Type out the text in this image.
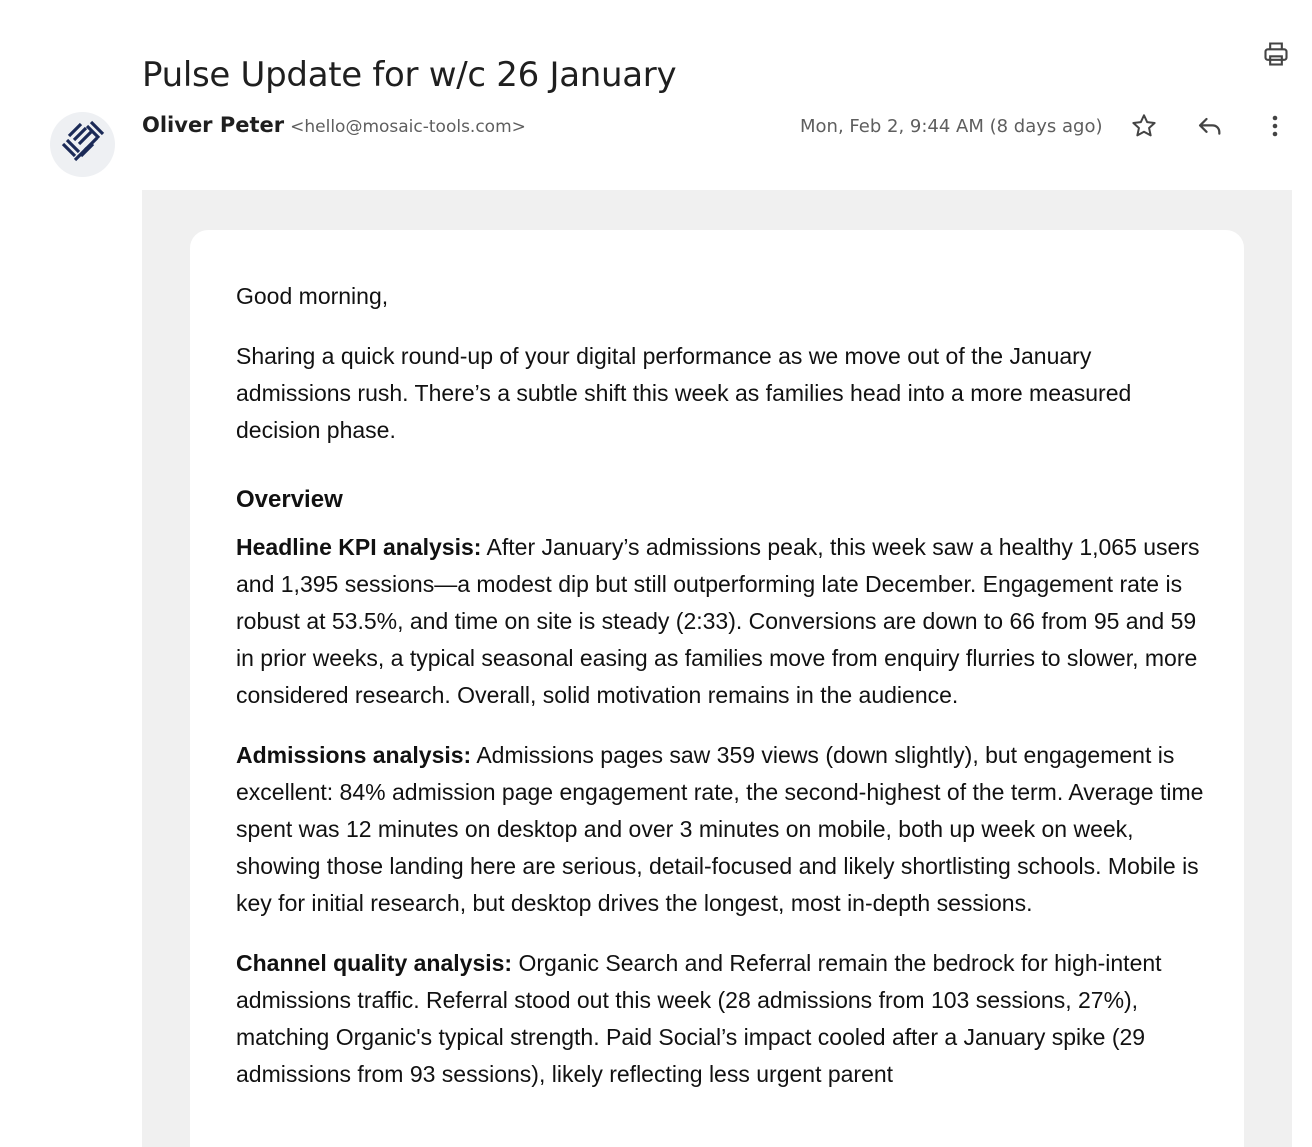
Pulse Update for w/c 26 January
Oliver Peter <hello@mosaic-tools.com>	Mon, Feb 2, 9:44 AM (8 days ago)

Good morning,

Sharing a quick round-up of your digital performance as we move out of the January admissions rush. There’s a subtle shift this week as families head into a more measured decision phase.

Overview

Headline KPI analysis: After January’s admissions peak, this week saw a healthy 1,065 users and 1,395 sessions—a modest dip but still outperforming late December. Engagement rate is robust at 53.5%, and time on site is steady (2:33). Conversions are down to 66 from 95 and 59 in prior weeks, a typical seasonal easing as families move from enquiry flurries to slower, more considered research. Overall, solid motivation remains in the audience.

Admissions analysis: Admissions pages saw 359 views (down slightly), but engagement is excellent: 84% admission page engagement rate, the second-highest of the term. Average time spent was 12 minutes on desktop and over 3 minutes on mobile, both up week on week, showing those landing here are serious, detail-focused and likely shortlisting schools. Mobile is key for initial research, but desktop drives the longest, most in-depth sessions.

Channel quality analysis: Organic Search and Referral remain the bedrock for high-intent admissions traffic. Referral stood out this week (28 admissions from 103 sessions, 27%), matching Organic's typical strength. Paid Social’s impact cooled after a January spike (29 admissions from 93 sessions), likely reflecting less urgent parent
